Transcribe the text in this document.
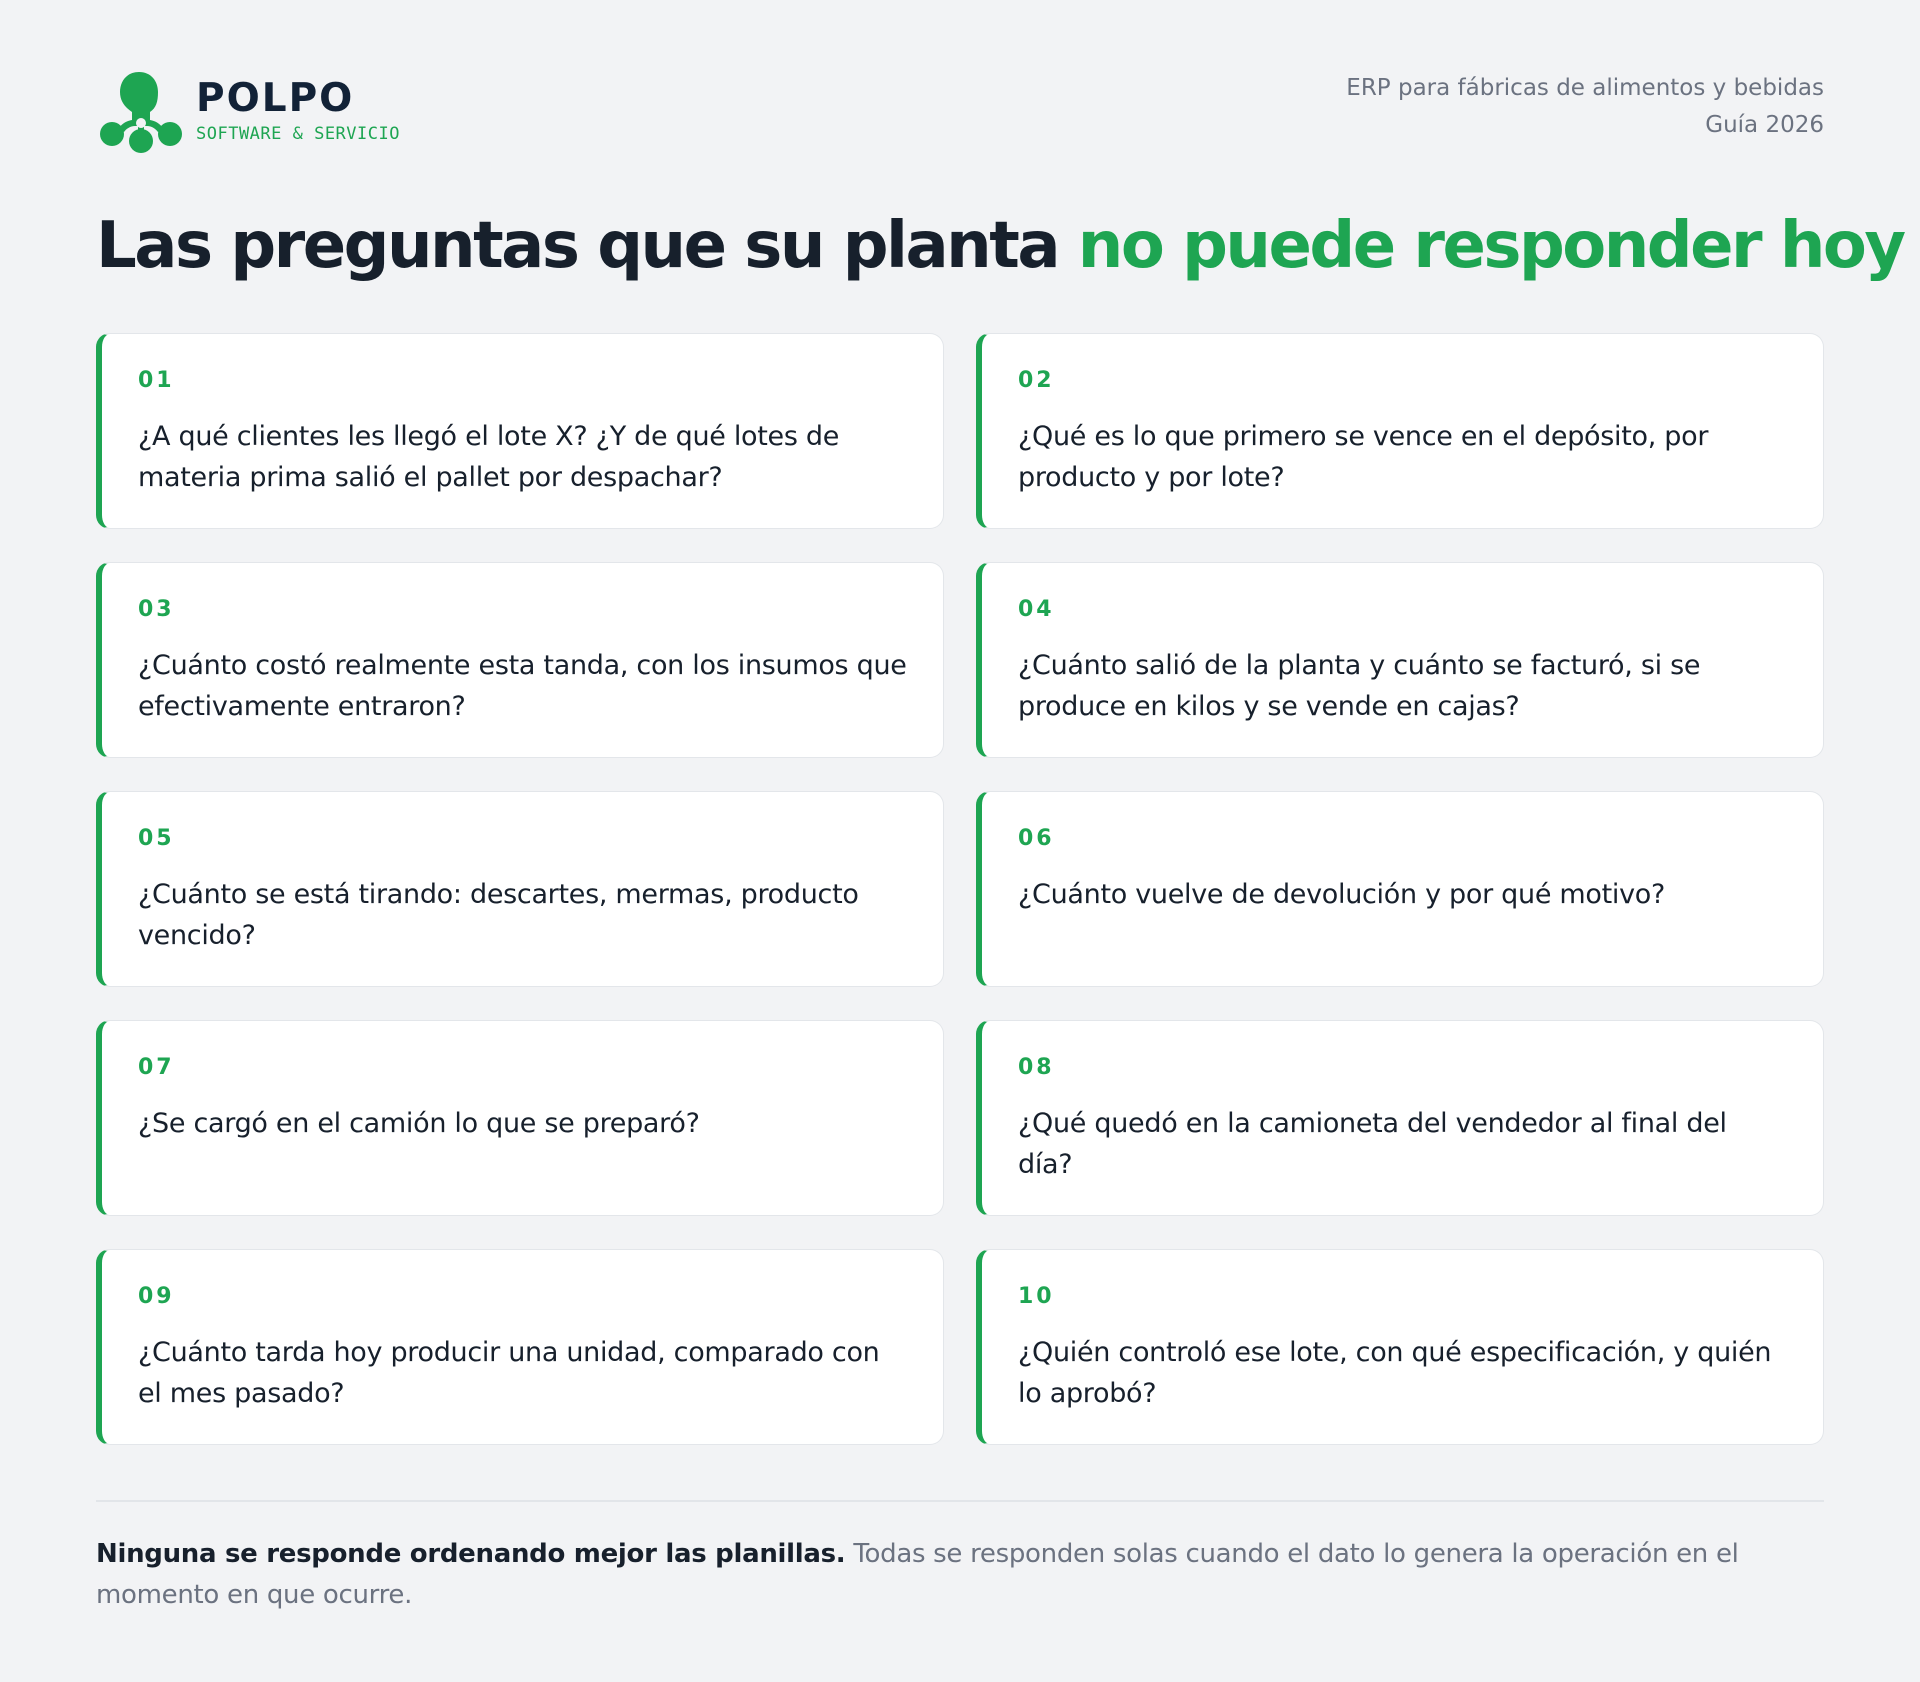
POLPO
SOFTWARE & SERVICIO
ERP para fábricas de alimentos y bebidas
Guía 2026
Las preguntas que su planta no puede responder hoy
01
¿A qué clientes les llegó el lote X? ¿Y de qué lotes de materia prima salió el pallet por despachar?
02
¿Qué es lo que primero se vence en el depósito, por producto y por lote?
03
¿Cuánto costó realmente esta tanda, con los insumos que efectivamente entraron?
04
¿Cuánto salió de la planta y cuánto se facturó, si se produce en kilos y se vende en cajas?
05
¿Cuánto se está tirando: descartes, mermas, producto vencido?
06
¿Cuánto vuelve de devolución y por qué motivo?
07
¿Se cargó en el camión lo que se preparó?
08
¿Qué quedó en la camioneta del vendedor al final del día?
09
¿Cuánto tarda hoy producir una unidad, comparado con el mes pasado?
10
¿Quién controló ese lote, con qué especificación, y quién lo aprobó?
Ninguna se responde ordenando mejor las planillas. Todas se responden solas cuando el dato lo genera la operación en el momento en que ocurre.
